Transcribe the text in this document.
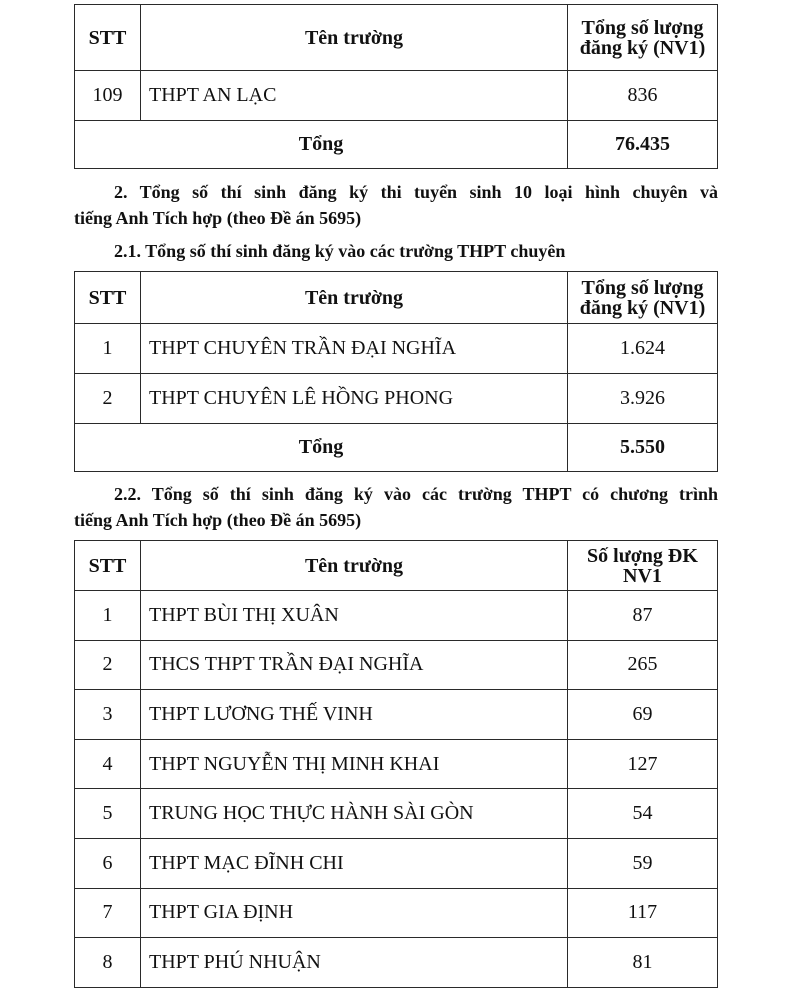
STT	Tên trường	Tổng số lượng
đăng ký (NV1)

109	THPT AN LẠC	836
Tổng		76.435
2. Tổng số thí sinh đăng ký thi tuyển sinh 10 loại hình chuyên và
tiếng Anh Tích hợp (theo Đề án 5695)
2.1. Tổng số thí sinh đăng ký vào các trường THPT chuyên
STT	Tên trường	Tổng số lượng
đăng ký (NV1)

1	THPT CHUYÊN TRẦN ĐẠI NGHĨA	1.624
2	THPT CHUYÊN LÊ HỒNG PHONG	3.926
Tổng		5.550
2.2. Tổng số thí sinh đăng ký vào các trường THPT có chương trình
tiếng Anh Tích hợp (theo Đề án 5695)
STT	Tên trường	Số lượng ĐK
NV1

1	THPT BÙI THỊ XUÂN	87
2	THCS THPT TRẦN ĐẠI NGHĨA	265
3	THPT LƯƠNG THẾ VINH	69
4	THPT NGUYỄN THỊ MINH KHAI	127
5	TRUNG HỌC THỰC HÀNH SÀI GÒN	54
6	THPT MẠC ĐĨNH CHI	59
7	THPT GIA ĐỊNH	117
8	THPT PHÚ NHUẬN	81
